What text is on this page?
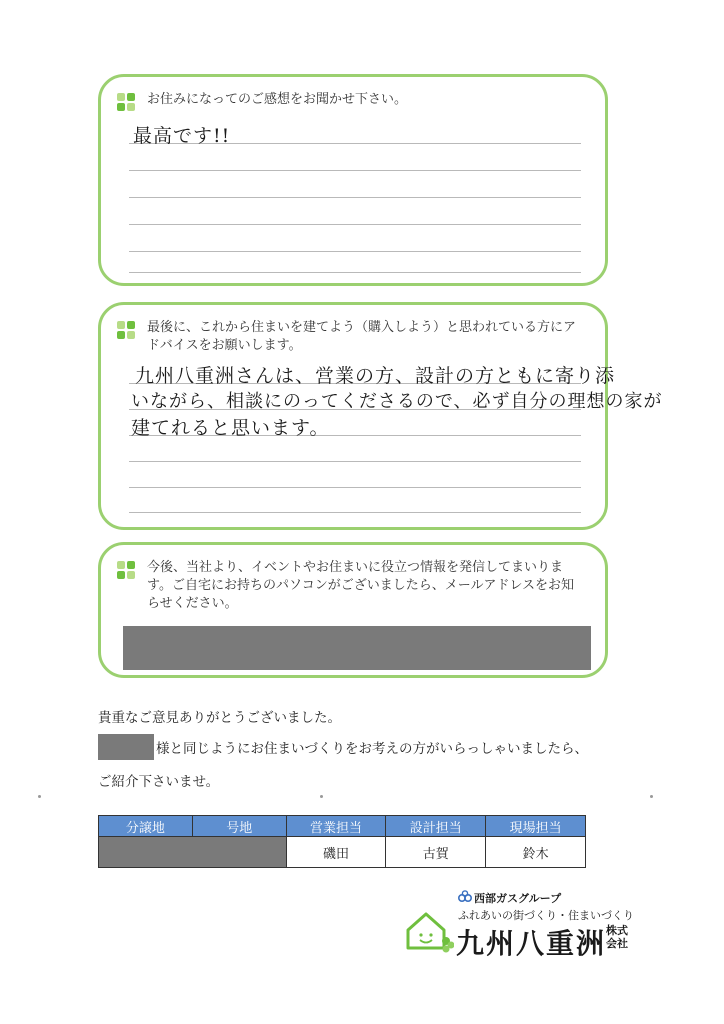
お住みになってのご感想をお聞かせ下さい。
最高です!!
最後に、これから住まいを建てよう（購入しよう）と思われている方にアドバイスをお願いします。
九州八重洲さんは、営業の方、設計の方ともに寄り添
いながら、相談にのってくださるので、必ず自分の理想の家が
建てれると思います。
今後、当社より、イベントやお住まいに役立つ情報を発信してまいります。ご自宅にお持ちのパソコンがございましたら、メールアドレスをお知らせください。
貴重なご意見ありがとうございました。
様と同じようにお住まいづくりをお考えの方がいらっしゃいましたら、
ご紹介下さいませ。
分譲地	号地	営業担当	設計担当	現場担当
		磯田	古賀	鈴木
西部ガスグループ
ふれあいの街づくり・住まいづくり
九州八重洲 株式
会社
